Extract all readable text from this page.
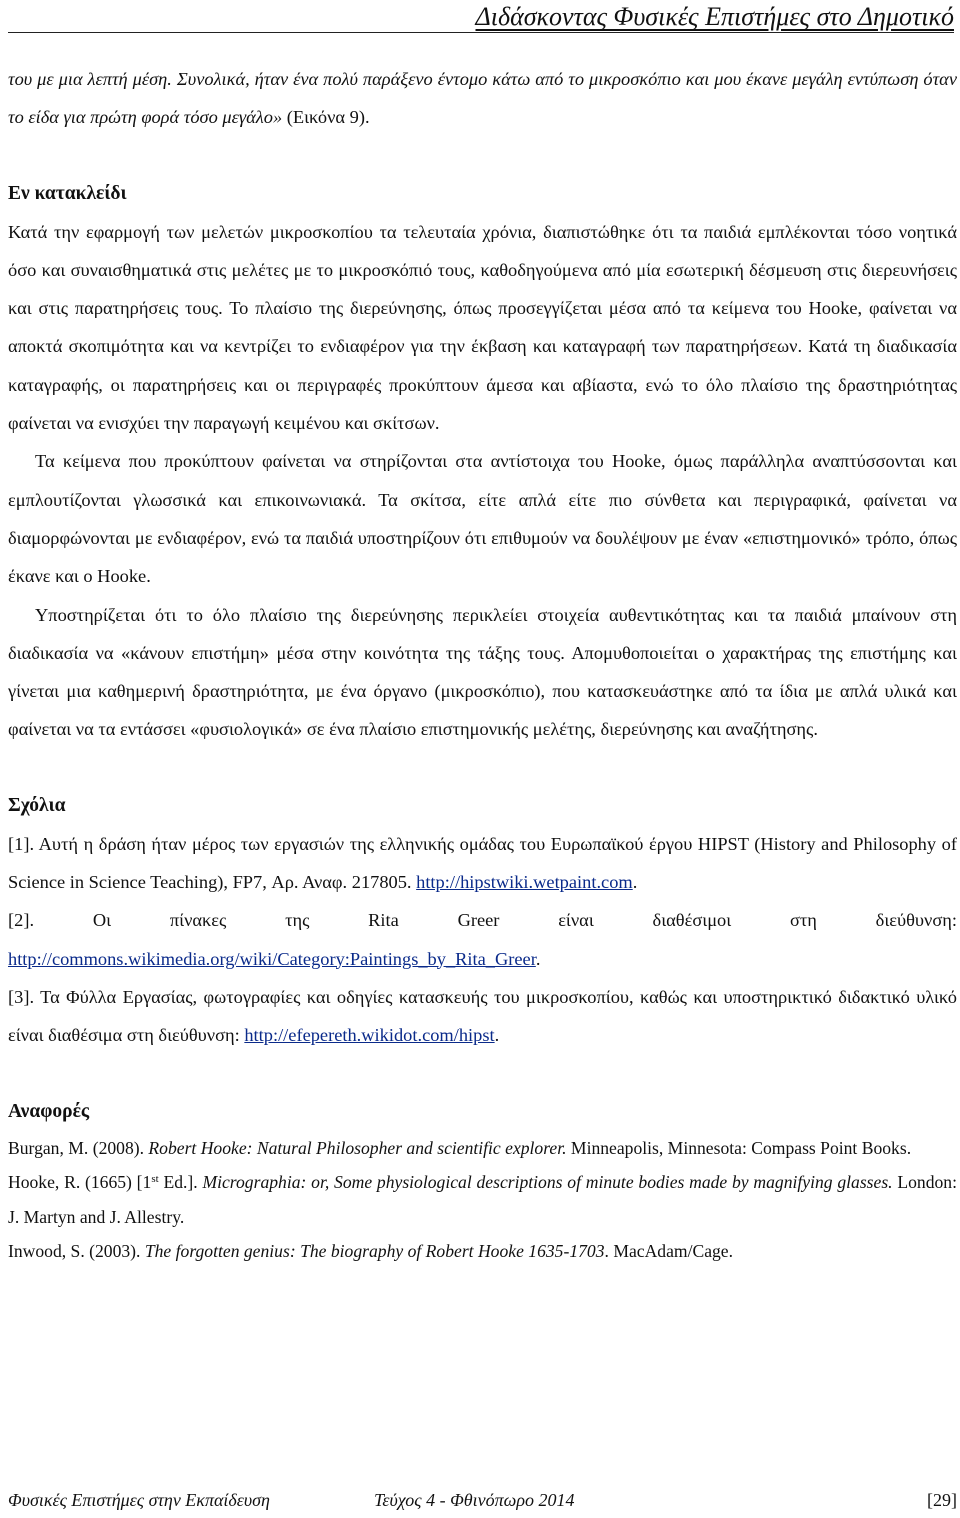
Διδάσκοντας Φυσικές Επιστήμες στο Δημοτικό

του με μια λεπτή μέση. Συνολικά, ήταν ένα πολύ παράξενο έντομο κάτω από το μικροσκόπιο και μου έκανε μεγάλη εντύπωση όταν το είδα για πρώτη φορά τόσο μεγάλο» (Εικόνα 9).

Εν κατακλείδι

Κατά την εφαρμογή των μελετών μικροσκοπίου τα τελευταία χρόνια, διαπιστώθηκε ότι τα παιδιά εμπλέκονται τόσο νοητικά όσο και συναισθηματικά στις μελέτες με το μικροσκόπιό τους, καθοδηγούμενα από μία εσωτερική δέσμευση στις διερευνήσεις και στις παρατηρήσεις τους. Το πλαίσιο της διερεύνησης, όπως προσεγγίζεται μέσα από τα κείμενα του Hooke, φαίνεται να αποκτά σκοπιμότητα και να κεντρίζει το ενδιαφέρον για την έκβαση και καταγραφή των παρατηρήσεων. Κατά τη διαδικασία καταγραφής, οι παρατηρήσεις και οι περιγραφές προκύπτουν άμεσα και αβίαστα, ενώ το όλο πλαίσιο της δραστηριότητας φαίνεται να ενισχύει την παραγωγή κειμένου και σκίτσων.

Τα κείμενα που προκύπτουν φαίνεται να στηρίζονται στα αντίστοιχα του Hooke, όμως παράλληλα αναπτύσσονται και εμπλουτίζονται γλωσσικά και επικοινωνιακά. Τα σκίτσα, είτε απλά είτε πιο σύνθετα και περιγραφικά, φαίνεται να διαμορφώνονται με ενδιαφέρον, ενώ τα παιδιά υποστηρίζουν ότι επιθυμούν να δουλέψουν με έναν «επιστημονικό» τρόπο, όπως έκανε και ο Hooke.

Υποστηρίζεται ότι το όλο πλαίσιο της διερεύνησης περικλείει στοιχεία αυθεντικότητας και τα παιδιά μπαίνουν στη διαδικασία να «κάνουν επιστήμη» μέσα στην κοινότητα της τάξης τους. Απομυθοποιείται ο χαρακτήρας της επιστήμης και γίνεται μια καθημερινή δραστηριότητα, με ένα όργανο (μικροσκόπιο), που κατασκευάστηκε από τα ίδια με απλά υλικά και φαίνεται να τα εντάσσει «φυσιολογικά» σε ένα πλαίσιο επιστημονικής μελέτης, διερεύνησης και αναζήτησης.

Σχόλια

[1]. Αυτή η δράση ήταν μέρος των εργασιών της ελληνικής ομάδας του Ευρωπαϊκού έργου HIPST (History and Philosophy of Science in Science Teaching), FP7, Αρ. Αναφ. 217805. http://hipstwiki.wetpaint.com.

[2]. Οι πίνακες της Rita Greer είναι διαθέσιμοι στη διεύθυνση: http://commons.wikimedia.org/wiki/Category:Paintings_by_Rita_Greer.

[3]. Τα Φύλλα Εργασίας, φωτογραφίες και οδηγίες κατασκευής του μικροσκοπίου, καθώς και υποστηρικτικό διδακτικό υλικό είναι διαθέσιμα στη διεύθυνση: http://efepereth.wikidot.com/hipst.

Αναφορές

Burgan, M. (2008). Robert Hooke: Natural Philosopher and scientific explorer. Minneapolis, Minnesota: Compass Point Books.

Hooke, R. (1665) [1st Ed.]. Micrographia: or, Some physiological descriptions of minute bodies made by magnifying glasses. London: J. Martyn and J. Allestry.

Inwood, S. (2003). The forgotten genius: The biography of Robert Hooke 1635-1703. MacAdam/Cage.

Φυσικές Επιστήμες στην Εκπαίδευση	Τεύχος 4 - Φθινόπωρο 2014	[29]
